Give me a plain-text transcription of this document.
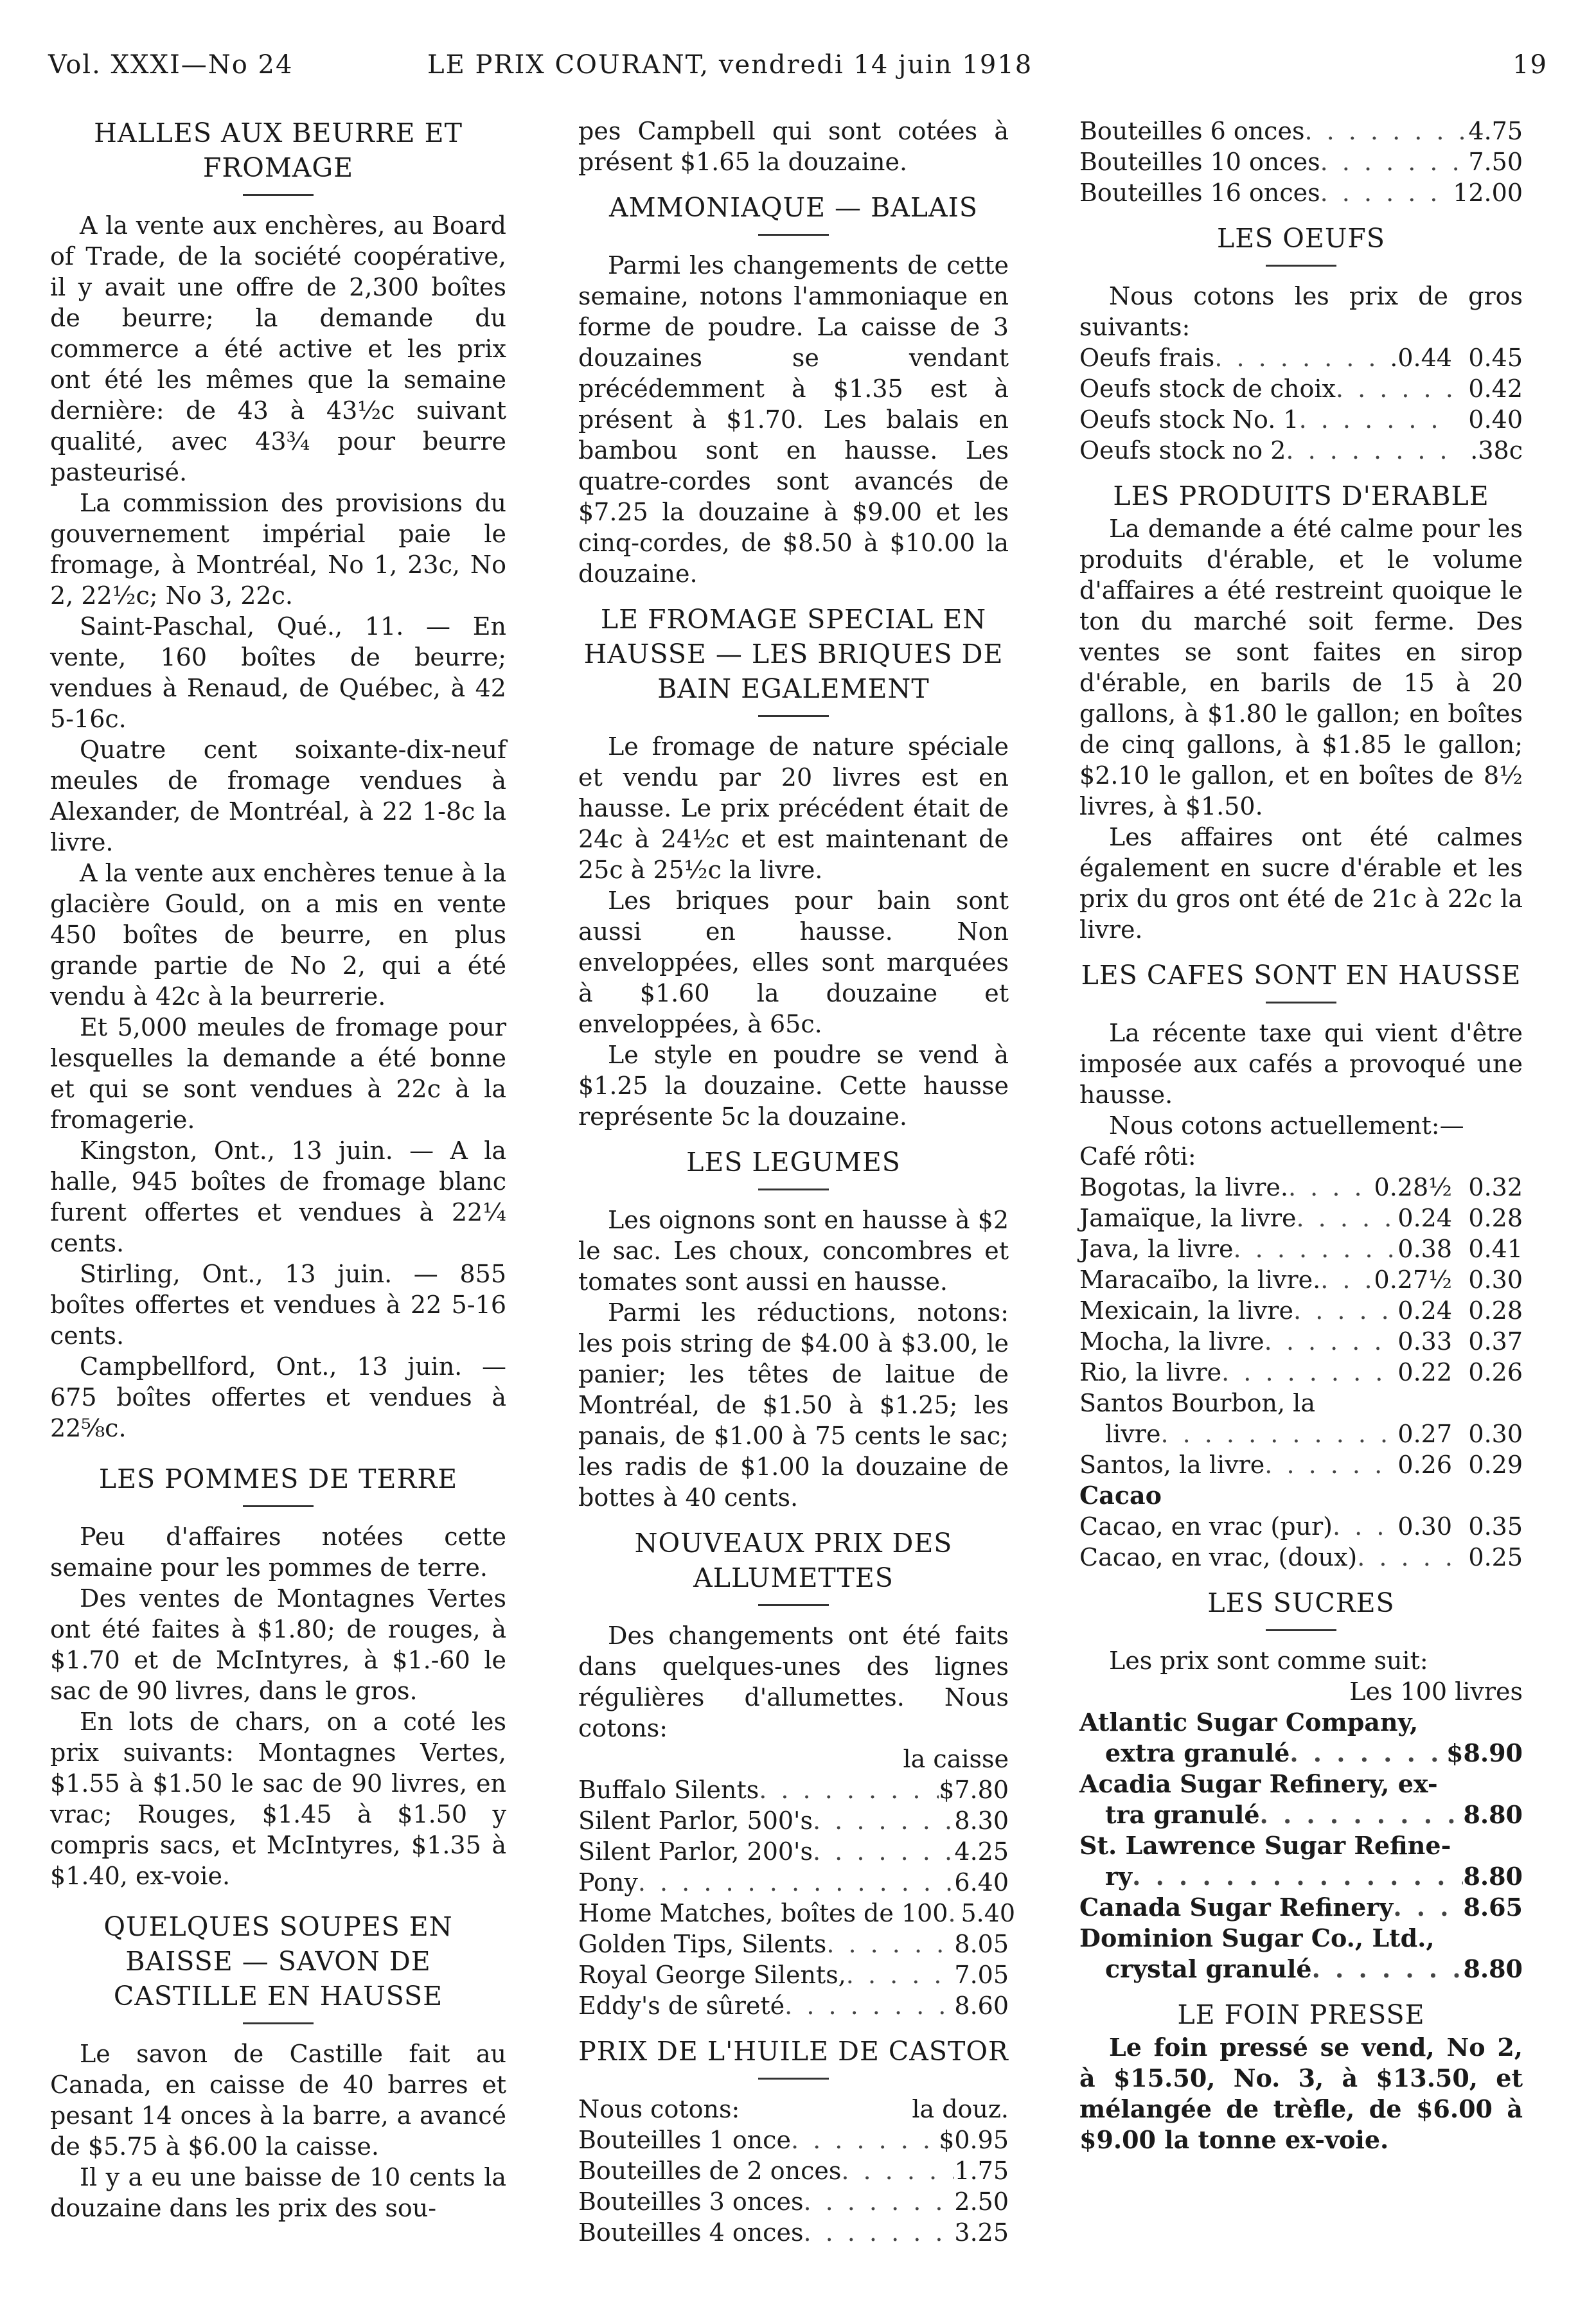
Vol. XXXI—No 24	LE PRIX COURANT, vendredi 14 juin 1918	19
HALLES AUX BEURRE ET FROMAGE

A la vente aux enchères, au Board of Trade, de la société coopérative, il y avait une offre de 2,300 boîtes de beurre; la demande du commerce a été active et les prix ont été les mêmes que la semaine dernière: de 43 à 43½c suivant qualité, avec 43¾ pour beurre pasteurisé.

La commission des provisions du gouvernement impérial paie le fromage, à Montréal, No 1, 23c, No 2, 22½c; No 3, 22c.

Saint-Paschal, Qué., 11. — En vente, 160 boîtes de beurre; vendues à Renaud, de Québec, à 42 5-16c.

Quatre cent soixante-dix-neuf meules de fromage vendues à Alexander, de Montréal, à 22 1-8c la livre.

A la vente aux enchères tenue à la glacière Gould, on a mis en vente 450 boîtes de beurre, en plus grande partie de No 2, qui a été vendu à 42c à la beurrerie.

Et 5,000 meules de fromage pour lesquelles la demande a été bonne et qui se sont vendues à 22c à la fromagerie.

Kingston, Ont., 13 juin. — A la halle, 945 boîtes de fromage blanc furent offertes et vendues à 22¼ cents.

Stirling, Ont., 13 juin. — 855 boîtes offertes et vendues à 22 5-16 cents.

Campbellford, Ont., 13 juin. — 675 boîtes offertes et vendues à 22⅝c.

LES POMMES DE TERRE

Peu d'affaires notées cette semaine pour les pommes de terre.

Des ventes de Montagnes Vertes ont été faites à $1.80; de rouges, à $1.70 et de McIntyres, à $1.-60 le sac de 90 livres, dans le gros.

En lots de chars, on a coté les prix suivants: Montagnes Vertes, $1.55 à $1.50 le sac de 90 livres, en vrac; Rouges, $1.45 à $1.50 y compris sacs, et McIntyres, $1.35 à $1.40, ex-voie.

QUELQUES SOUPES EN BAISSE — SAVON DE CASTILLE EN HAUSSE

Le savon de Castille fait au Canada, en caisse de 40 barres et pesant 14 onces à la barre, a avancé de $5.75 à $6.00 la caisse.

Il y a eu une baisse de 10 cents la douzaine dans les prix des sou-

pes Campbell qui sont cotées à présent $1.65 la douzaine.

AMMONIAQUE — BALAIS

Parmi les changements de cette semaine, notons l'ammoniaque en forme de poudre. La caisse de 3 douzaines se vendant précédemment à $1.35 est à présent à $1.70. Les balais en bambou sont en hausse. Les quatre-cordes sont avancés de $7.25 la douzaine à $9.00 et les cinq-cordes, de $8.50 à $10.00 la douzaine.

LE FROMAGE SPECIAL EN HAUSSE — LES BRIQUES DE BAIN EGALEMENT

Le fromage de nature spéciale et vendu par 20 livres est en hausse. Le prix précédent était de 24c à 24½c et est maintenant de 25c à 25½c la livre.

Les briques pour bain sont aussi en hausse. Non enveloppées, elles sont marquées à $1.60 la douzaine et enveloppées, à 65c.

Le style en poudre se vend à $1.25 la douzaine. Cette hausse représente 5c la douzaine.

LES LEGUMES

Les oignons sont en hausse à $2 le sac. Les choux, concombres et tomates sont aussi en hausse.

Parmi les réductions, notons: les pois string de $4.00 à $3.00, le panier; les têtes de laitue de Montréal, de $1.50 à $1.25; les panais, de $1.00 à 75 cents le sac; les radis de $1.00 la douzaine de bottes à 40 cents.

NOUVEAUX PRIX DES ALLUMETTES

Des changements ont été faits dans quelques-unes des lignes régulières d'allumettes. Nous cotons:

la caisse
Buffalo Silents . . .	$7.80
Silent Parlor, 500's . . .	8.30
Silent Parlor, 200's . . .	4.25
Pony . . .	6.40
Home Matches, boîtes de 100 . . . 5.40
Golden Tips, Silents . . .	8.05
Royal George Silents, . . .	7.05
Eddy's de sûreté . . .	8.60
PRIX DE L'HUILE DE CASTOR
Nous cotons:	la douz.
Bouteilles 1 once . . .	$0.95
Bouteilles de 2 onces . . .	1.75
Bouteilles 3 onces . . .	2.50
Bouteilles 4 onces . . .	3.25
Bouteilles 6 onces . . .	4.75
Bouteilles 10 onces . . .	7.50
Bouteilles 16 onces . . .	12.00
LES OEUFS

Nous cotons les prix de gros suivants:

Oeufs frais . . .	.0.44 0.45
Oeufs stock de choix . . .	0.42
Oeufs stock No. 1 . . .	0.40
Oeufs stock no 2 . . .	.38c
LES PRODUITS D'ERABLE

La demande a été calme pour les produits d'érable, et le volume d'affaires a été restreint quoique le ton du marché soit ferme. Des ventes se sont faites en sirop d'érable, en barils de 15 à 20 gallons, à $1.80 le gallon; en boîtes de cinq gallons, à $1.85 le gallon; $2.10 le gallon, et en boîtes de 8½ livres, à $1.50.

Les affaires ont été calmes également en sucre d'érable et les prix du gros ont été de 21c à 22c la livre.

LES CAFES SONT EN HAUSSE

La récente taxe qui vient d'être imposée aux cafés a provoqué une hausse.

Nous cotons actuellement:—

Café rôti:

Bogotas, la livre. . . .	0.28½ 0.32
Jamaïque, la livre . . .	0.24 0.28
Java, la livre . . .	0.38 0.41
Maracaïbo, la livre. . . . 0.27½ 0.30
Mexicain, la livre . . .	0.24 0.28
Mocha, la livre . . .	0.33 0.37
Rio, la livre . . .	0.22 0.26

Santos Bourbon, la

livre . . .	0.27 0.30
Santos, la livre . . .	0.26 0.29

Cacao

Cacao, en vrac (pur) . . .	0.30 0.35
Cacao, en vrac, (doux) . . .	0.25
LES SUCRES

Les prix sont comme suit:

Les 100 livres

Atlantic Sugar Company,

extra granulé . . .	$8.90

Acadia Sugar Refinery, ex-

tra granulé . . .	8.80

St. Lawrence Sugar Refine-

ry . . .	8.80
Canada Sugar Refinery . . .	8.65

Dominion Sugar Co., Ltd.,

crystal granulé . . .	8.80
LE FOIN PRESSE

Le foin pressé se vend, No 2, à $15.50, No. 3, à $13.50, et mélangée de trèfle, de $6.00 à $9.00 la tonne ex-voie.
